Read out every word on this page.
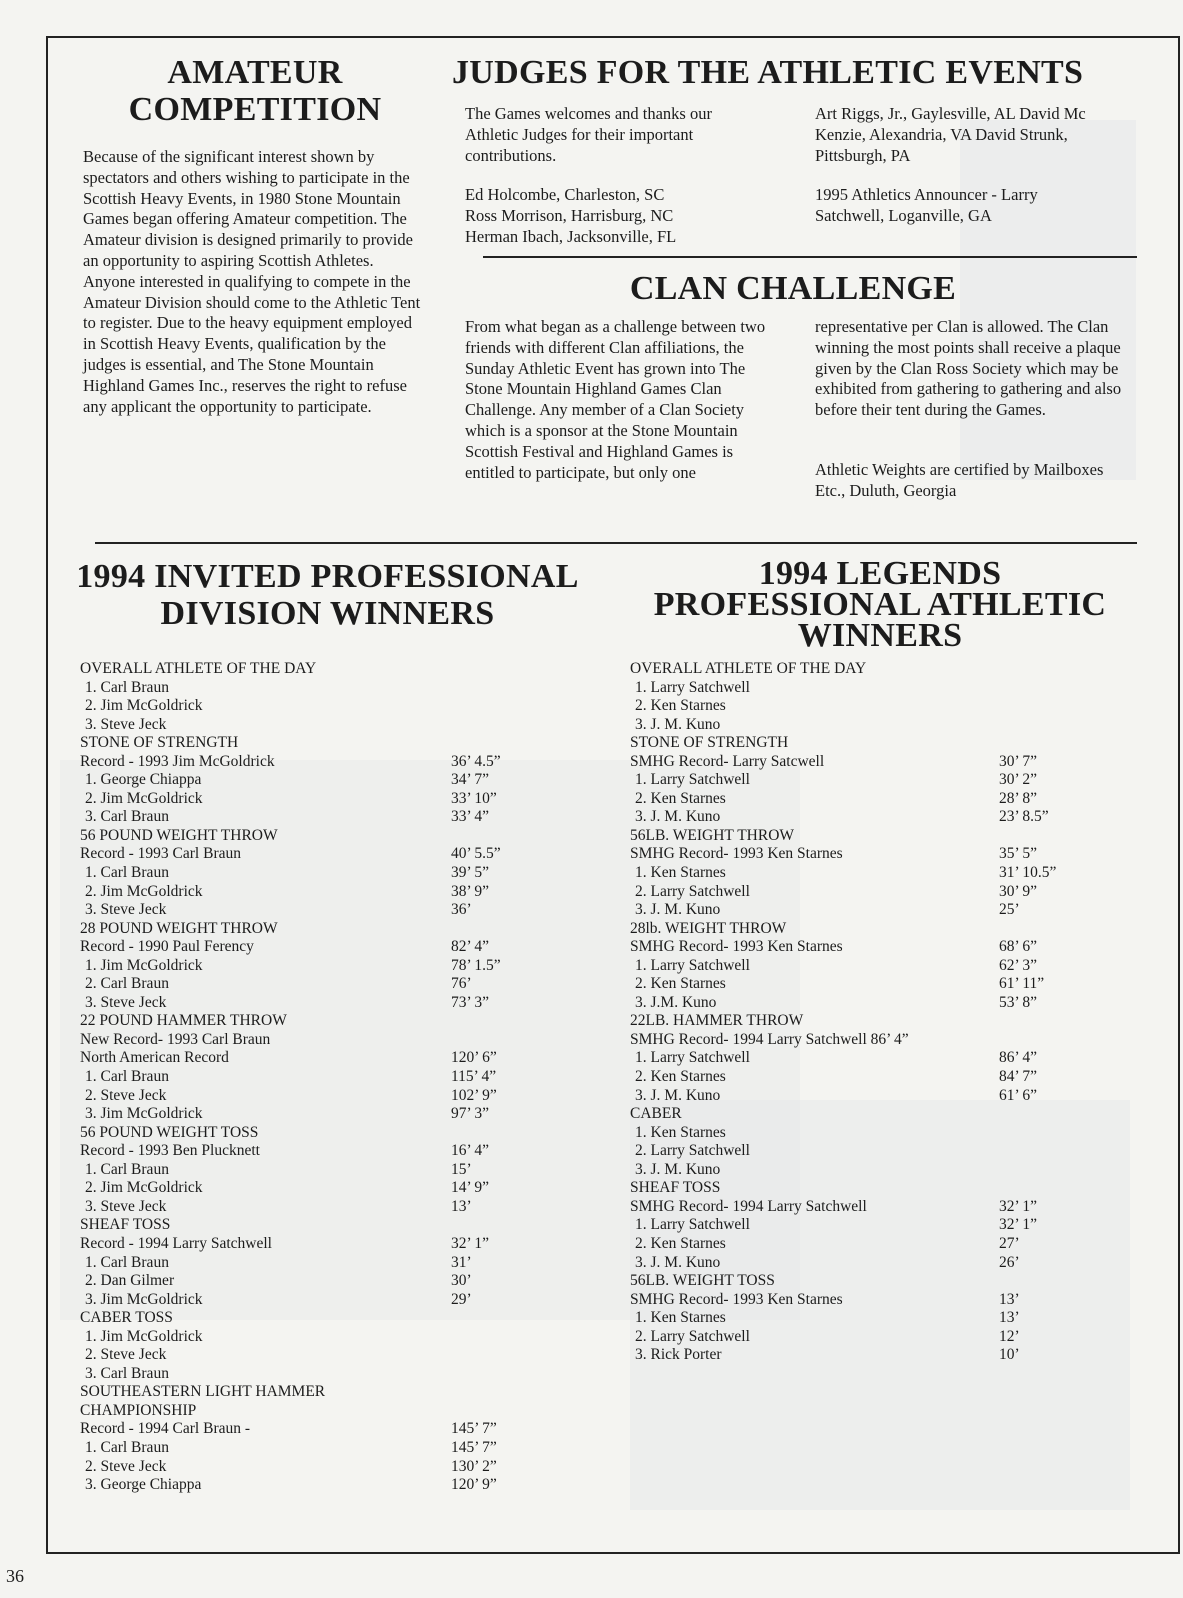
AMATEUR
COMPETITION

Because of the significant interest shown by spectators and others wishing to participate in the Scottish Heavy Events, in 1980 Stone Mountain Games began offering Amateur competition. The Amateur division is designed primarily to provide an opportunity to aspiring Scottish Athletes. Anyone interested in qualifying to compete in the Amateur Division should come to the Athletic Tent to register. Due to the heavy equipment employed in Scottish Heavy Events, qualification by the judges is essential, and The Stone Mountain Highland Games Inc., reserves the right to refuse any applicant the opportunity to participate.

JUDGES FOR THE ATHLETIC EVENTS

The Games welcomes and thanks our Athletic Judges for their important contributions.

Ed Holcombe, Charleston, SC
Ross Morrison, Harrisburg, NC
Herman Ibach, Jacksonville, FL

Art Riggs, Jr., Gaylesville, AL David Mc Kenzie, Alexandria, VA David Strunk, Pittsburgh, PA

1995 Athletics Announcer - Larry Satchwell, Loganville, GA

CLAN CHALLENGE

From what began as a challenge between two friends with different Clan affiliations, the Sunday Athletic Event has grown into The Stone Mountain Highland Games Clan Challenge. Any member of a Clan Society which is a sponsor at the Stone Mountain Scottish Festival and Highland Games is entitled to participate, but only one

representative per Clan is allowed. The Clan winning the most points shall receive a plaque given by the Clan Ross Society which may be exhibited from gathering to gathering and also before their tent during the Games.

Athletic Weights are certified by Mailboxes Etc., Duluth, Georgia

1994 INVITED PROFESSIONAL
DIVISION WINNERS
1994 LEGENDS
PROFESSIONAL ATHLETIC
WINNERS
OVERALL ATHLETE OF THE DAY
1. Carl Braun
2. Jim McGoldrick
3. Steve Jeck
STONE OF STRENGTH
Record - 1993 Jim McGoldrick
1. George Chiappa
2. Jim McGoldrick
3. Carl Braun
56 POUND WEIGHT THROW
Record - 1993 Carl Braun
1. Carl Braun
2. Jim McGoldrick
3. Steve Jeck
28 POUND WEIGHT THROW
Record - 1990 Paul Ferency
1. Jim McGoldrick
2. Carl Braun
3. Steve Jeck
22 POUND HAMMER THROW
New Record- 1993 Carl Braun
North American Record
1. Carl Braun
2. Steve Jeck
3. Jim McGoldrick
56 POUND WEIGHT TOSS
Record - 1993 Ben Plucknett
1. Carl Braun
2. Jim McGoldrick
3. Steve Jeck
SHEAF TOSS
Record - 1994 Larry Satchwell
1. Carl Braun
2. Dan Gilmer
3. Jim McGoldrick
CABER TOSS
1. Jim McGoldrick
2. Steve Jeck
3. Carl Braun
SOUTHEASTERN LIGHT HAMMER
CHAMPIONSHIP
Record - 1994 Carl Braun -
1. Carl Braun
2. Steve Jeck
3. George Chiappa
36’ 4.5”
34’ 7”
33’ 10”
33’ 4”
40’ 5.5”
39’ 5”
38’ 9”
36’
82’ 4”
78’ 1.5”
76’
73’ 3”
120’ 6”
115’ 4”
102’ 9”
97’ 3”
16’ 4”
15’
14’ 9”
13’
32’ 1”
31’
30’
29’
145’ 7”
145’ 7”
130’ 2”
120’ 9”
OVERALL ATHLETE OF THE DAY
1. Larry Satchwell
2. Ken Starnes
3. J. M. Kuno
STONE OF STRENGTH
SMHG Record- Larry Satcwell
1. Larry Satchwell
2. Ken Starnes
3. J. M. Kuno
56LB. WEIGHT THROW
SMHG Record- 1993 Ken Starnes
1. Ken Starnes
2. Larry Satchwell
3. J. M. Kuno
28lb. WEIGHT THROW
SMHG Record- 1993 Ken Starnes
1. Larry Satchwell
2. Ken Starnes
3. J.M. Kuno
22LB. HAMMER THROW
SMHG Record- 1994 Larry Satchwell 86’ 4”
1. Larry Satchwell
2. Ken Starnes
3. J. M. Kuno
CABER
1. Ken Starnes
2. Larry Satchwell
3. J. M. Kuno
SHEAF TOSS
SMHG Record- 1994 Larry Satchwell
1. Larry Satchwell
2. Ken Starnes
3. J. M. Kuno
56LB. WEIGHT TOSS
SMHG Record- 1993 Ken Starnes
1. Ken Starnes
2. Larry Satchwell
3. Rick Porter
30’ 7”
30’ 2”
28’ 8”
23’ 8.5”
35’ 5”
31’ 10.5”
30’ 9”
25’
68’ 6”
62’ 3”
61’ 11”
53’ 8”
86’ 4”
84’ 7”
61’ 6”
32’ 1”
32’ 1”
27’
26’
13’
13’
12’
10’
36
